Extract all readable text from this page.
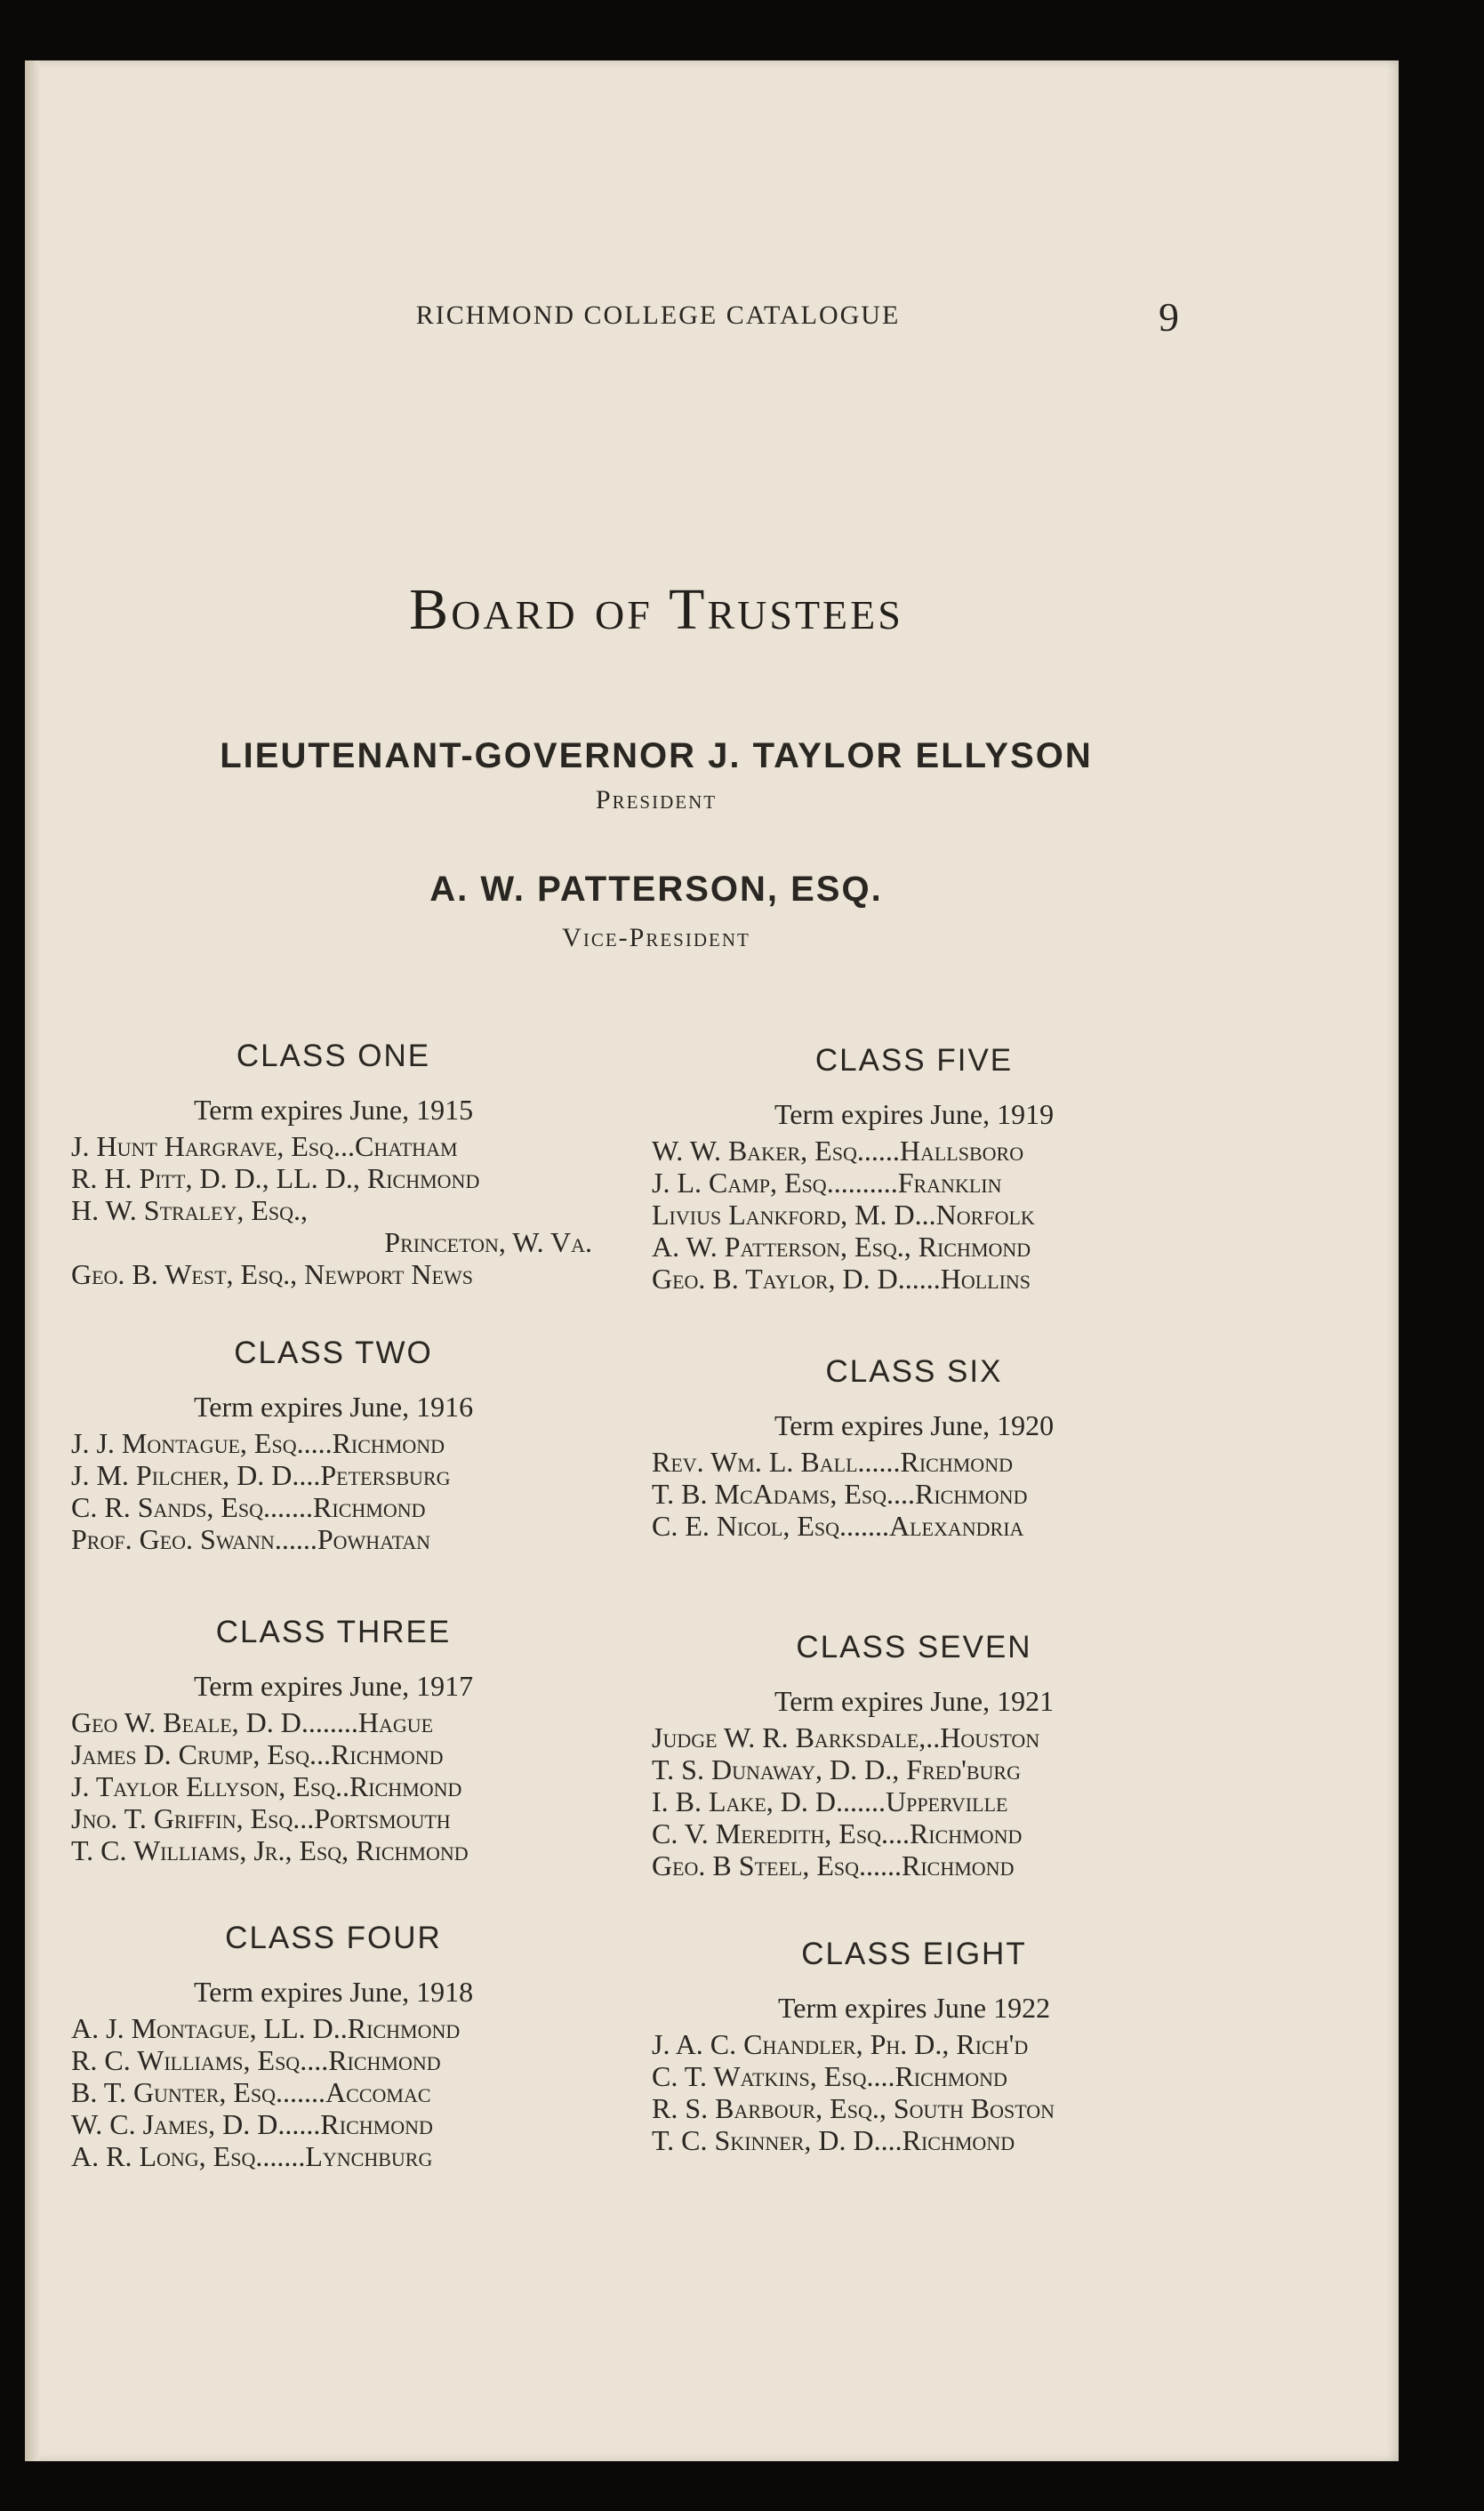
RICHMOND COLLEGE CATALOGUE	9
Board of Trustees
LIEUTENANT-GOVERNOR J. TAYLOR ELLYSON
President
A. W. PATTERSON, ESQ.
Vice-President
CLASS ONE
Term expires June, 1915
J. Hunt Hargrave, Esq...Chatham
R. H. Pitt, D. D., LL. D., Richmond
H. W. Straley, Esq.,
Princeton, W. Va.
Geo. B. West, Esq., Newport News
CLASS TWO
Term expires June, 1916
J. J. Montague, Esq.....Richmond
J. M. Pilcher, D. D....Petersburg
C. R. Sands, Esq.......Richmond
Prof. Geo. Swann......Powhatan
CLASS THREE
Term expires June, 1917
Geo W. Beale, D. D........Hague
James D. Crump, Esq...Richmond
J. Taylor Ellyson, Esq..Richmond
Jno. T. Griffin, Esq...Portsmouth
T. C. Williams, Jr., Esq, Richmond
CLASS FOUR
Term expires June, 1918
A. J. Montague, LL. D..Richmond
R. C. Williams, Esq....Richmond
B. T. Gunter, Esq.......Accomac
W. C. James, D. D......Richmond
A. R. Long, Esq.......Lynchburg
CLASS FIVE
Term expires June, 1919
W. W. Baker, Esq......Hallsboro
J. L. Camp, Esq..........Franklin
Livius Lankford, M. D...Norfolk
A. W. Patterson, Esq., Richmond
Geo. B. Taylor, D. D......Hollins
CLASS SIX
Term expires June, 1920
Rev. Wm. L. Ball......Richmond
T. B. McAdams, Esq....Richmond
C. E. Nicol, Esq.......Alexandria
CLASS SEVEN
Term expires June, 1921
Judge W. R. Barksdale,..Houston
T. S. Dunaway, D. D., Fred'burg
I. B. Lake, D. D.......Upperville
C. V. Meredith, Esq....Richmond
Geo. B Steel, Esq......Richmond
CLASS EIGHT
Term expires June 1922
J. A. C. Chandler, Ph. D., Rich'd
C. T. Watkins, Esq....Richmond
R. S. Barbour, Esq., South Boston
T. C. Skinner, D. D....Richmond
